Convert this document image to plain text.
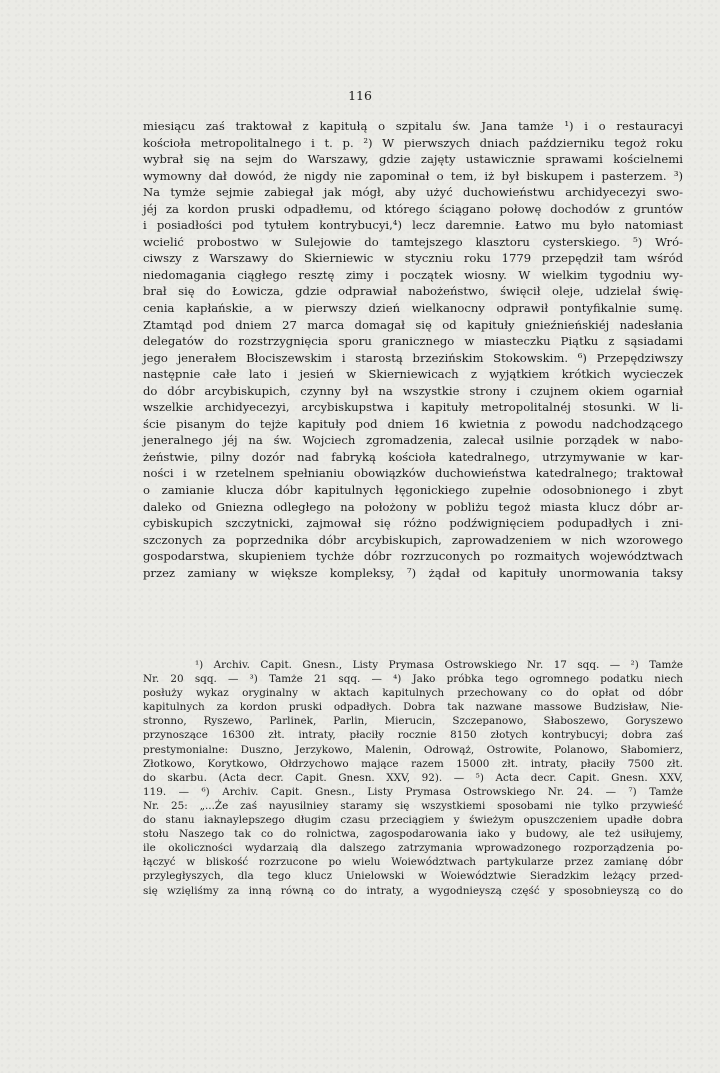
116
miesiącu zaś traktował z kapitułą o szpitalu św. Jana tamże ¹) i o restauracyi
kościoła metropolitalnego i t. p. ²) W pierwszych dniach październiku tegoż roku
wybrał się na sejm do Warszawy, gdzie zajęty ustawicznie sprawami kościelnemi
wymowny dał dowód, że nigdy nie zapominał o tem, iż był biskupem i pasterzem. ³)
Na tymże sejmie zabiegał jak mógł, aby użyć duchowieństwu archidyecezyi swo-
jéj za kordon pruski odpadłemu, od którego ściągano połowę dochodów z gruntów
i posiadłości pod tytułem kontrybucyi,⁴) lecz daremnie. Łatwo mu było natomiast
wcielić probostwo w Sulejowie do tamtejszego klasztoru cysterskiego. ⁵) Wró-
ciwszy z Warszawy do Skierniewic w styczniu roku 1779 przepędził tam wśród
niedomagania ciągłego resztę zimy i początek wiosny. W wielkim tygodniu wy-
brał się do Łowicza, gdzie odprawiał nabożeństwo, święcił oleje, udzielał świę-
cenia kapłańskie, a w pierwszy dzień wielkanocny odprawił pontyfikalnie sumę.
Ztamtąd pod dniem 27 marca domagał się od kapituły gnieźnieńskiéj nadesłania
delegatów do rozstrzygnięcia sporu granicznego w miasteczku Piątku z sąsiadami
jego jenerałem Błociszewskim i starostą brzezińskim Stokowskim. ⁶) Przepędziwszy
następnie całe lato i jesień w Skierniewicach z wyjątkiem krótkich wycieczek
do dóbr arcybiskupich, czynny był na wszystkie strony i czujnem okiem ogarniał
wszelkie archidyecezyi, arcybiskupstwa i kapituły metropolitalnéj stosunki. W li-
ście pisanym do tejże kapituły pod dniem 16 kwietnia z powodu nadchodzącego
jeneralnego jéj na św. Wojciech zgromadzenia, zalecał usilnie porządek w nabo-
żeństwie, pilny dozór nad fabryką kościoła katedralnego, utrzymywanie w kar-
ności i w rzetelnem spełnianiu obowiązków duchowieństwa katedralnego; traktował
o zamianie klucza dóbr kapitulnych łęgonickiego zupełnie odosobnionego i zbyt
daleko od Gniezna odległego na położony w pobliżu tegoż miasta klucz dóbr ar-
cybiskupich szczytnicki, zajmował się różno podźwignięciem podupadłych i zni-
szczonych za poprzednika dóbr arcybiskupich, zaprowadzeniem w nich wzorowego
gospodarstwa, skupieniem tychże dóbr rozrzuconych po rozmaitych województwach
przez zamiany w większe kompleksy, ⁷) żądał od kapituły unormowania taksy
¹) Archiv. Capit. Gnesn., Listy Prymasa Ostrowskiego Nr. 17 sqq. — ²) Tamże
Nr. 20 sqq. — ³) Tamże 21 sqq. — ⁴) Jako próbka tego ogromnego podatku niech
posłuży wykaz oryginalny w aktach kapitulnych przechowany co do opłat od dóbr
kapitulnych za kordon pruski odpadłych. Dobra tak nazwane massowe Budzisław, Nie-
stronno, Ryszewo, Parlinek, Parlin, Mierucin, Szczepanowo, Słaboszewo, Goryszewo
przynoszące 16300 złt. intraty, płaciły rocznie 8150 złotych kontrybucyi; dobra zaś
prestymonialne: Duszno, Jerzykowo, Malenin, Odrowąż, Ostrowite, Polanowo, Słabomierz,
Złotkowo, Korytkowo, Ołdrzychowo mające razem 15000 złt. intraty, płaciły 7500 złt.
do skarbu. (Acta decr. Capit. Gnesn. XXV, 92). — ⁵) Acta decr. Capit. Gnesn. XXV,
119. — ⁶) Archiv. Capit. Gnesn., Listy Prymasa Ostrowskiego Nr. 24. — ⁷) Tamże
Nr. 25: „...Że zaś nayusilniey staramy się wszystkiemi sposobami nie tylko przywieść
do stanu iaknaylepszego długim czasu przeciągiem y świeżym opuszczeniem upadłe dobra
stołu Naszego tak co do rolnictwa, zagospodarowania iako y budowy, ale też usiłujemy,
ile okoliczności wydarzaią dla dalszego zatrzymania wprowadzonego rozporządzenia po-
łączyć w bliskość rozrzucone po wielu Woiewództwach partykularze przez zamianę dóbr
przyległyszych, dla tego klucz Unielowski w Woiewództwie Sieradzkim leżący przed-
się wzięliśmy za inną równą co do intraty, a wygodnieyszą część y sposobnieyszą co do
